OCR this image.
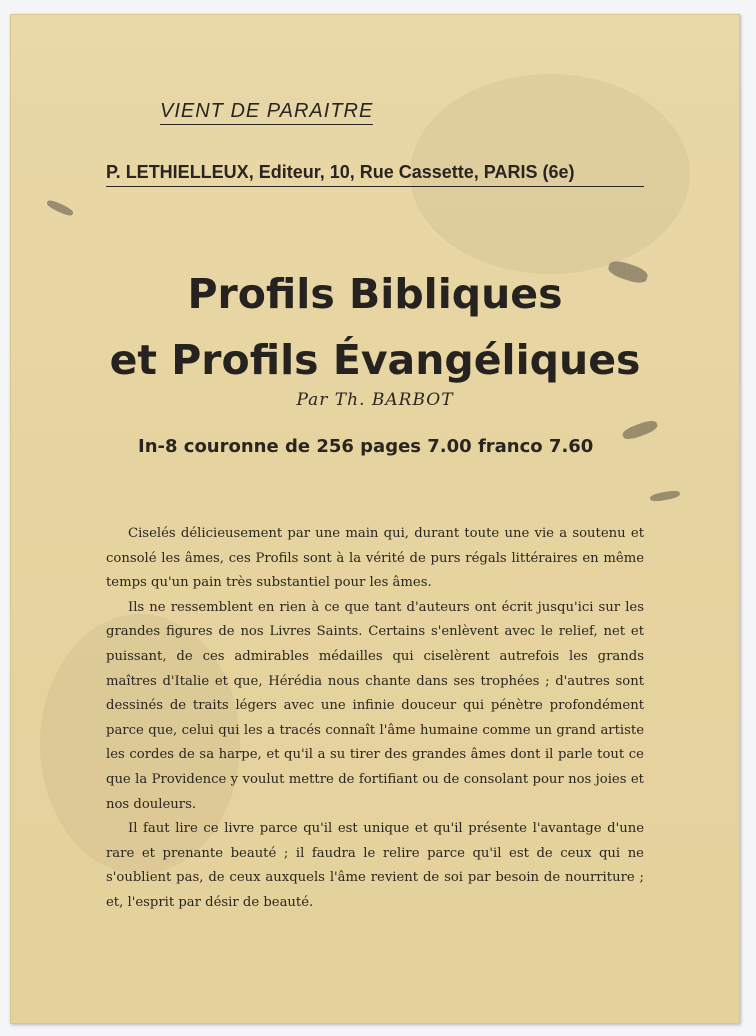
VIENT DE PARAITRE
P. LETHIELLEUX, Editeur, 10, Rue Cassette, PARIS (6e)
Profils Bibliques
et Profils Évangéliques
Par Th. BARBOT
In-8 couronne de 256 pages 7.00 franco 7.60

Ciselés délicieusement par une main qui, durant toute une vie a soutenu et consolé les âmes, ces Profils sont à la vérité de purs régals littéraires en même temps qu'un pain très substantiel pour les âmes.

Ils ne ressemblent en rien à ce que tant d'auteurs ont écrit jusqu'ici sur les grandes figures de nos Livres Saints. Certains s'enlèvent avec le relief, net et puissant, de ces admirables médailles qui ciselèrent autrefois les grands maîtres d'Italie et que, Hérédia nous chante dans ses trophées ; d'autres sont dessinés de traits légers avec une infinie douceur qui pénètre profondément parce que, celui qui les a tracés connaît l'âme humaine comme un grand artiste les cordes de sa harpe, et qu'il a su tirer des grandes âmes dont il parle tout ce que la Providence y voulut mettre de fortifiant ou de consolant pour nos joies et nos douleurs.

Il faut lire ce livre parce qu'il est unique et qu'il présente l'avantage d'une rare et prenante beauté ; il faudra le relire parce qu'il est de ceux qui ne s'oublient pas, de ceux auxquels l'âme revient de soi par besoin de nourriture ; et, l'esprit par désir de beauté.
